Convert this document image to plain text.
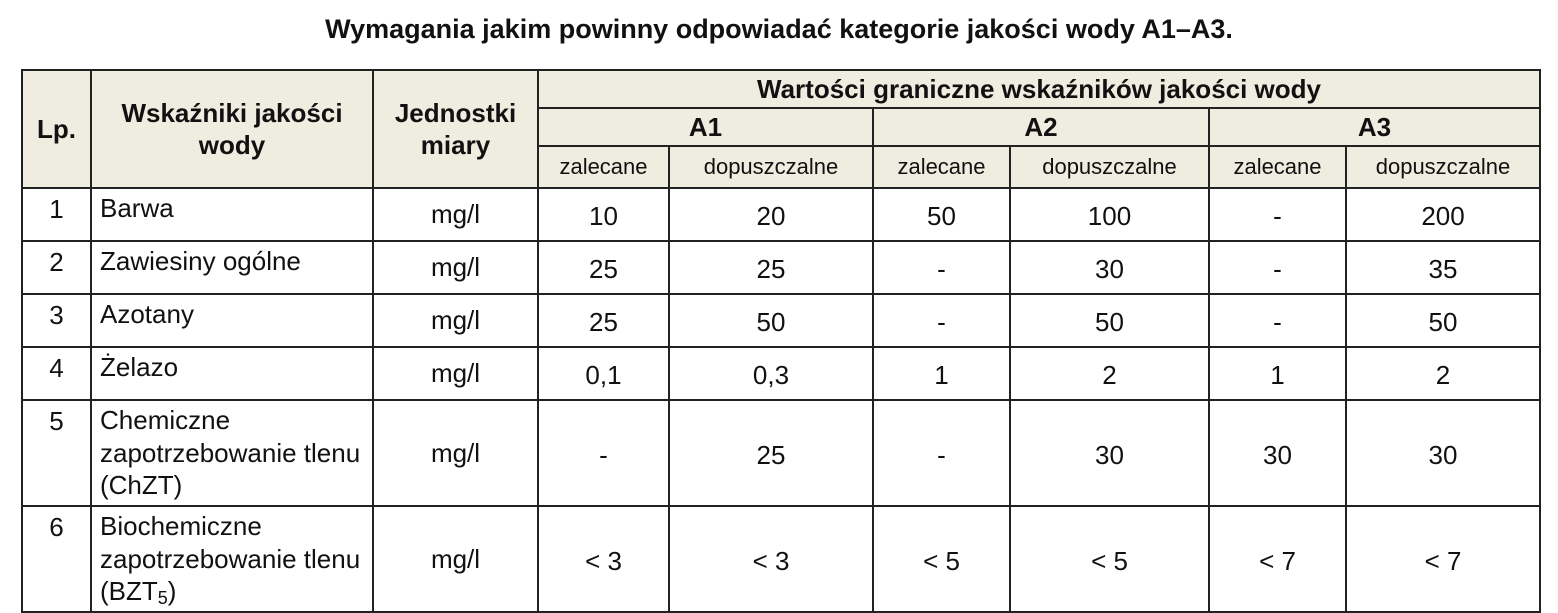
Wymagania jakim powinny odpowiadać kategorie jakości wody A1–A3.
Lp.	Wskaźniki jakości wody	Jednostki miary	Wartości graniczne wskaźników jakości wody					
			A1		A2		A3	
			zalecane	dopuszczalne	zalecane	dopuszczalne	zalecane	dopuszczalne
1	Barwa	mg/l	10	20	50	100	-	200
2	Zawiesiny ogólne	mg/l	25	25	-	30	-	35
3	Azotany	mg/l	25	50	-	50	-	50
4	Żelazo	mg/l	0,1	0,3	1	2	1	2
5	Chemiczne zapotrzebowanie tlenu (ChZT)	mg/l	-	25	-	30	30	30
6	Biochemiczne zapotrzebowanie tlenu $(BZT_5)$	mg/l	< 3	< 3	< 5	< 5	< 7	< 7
